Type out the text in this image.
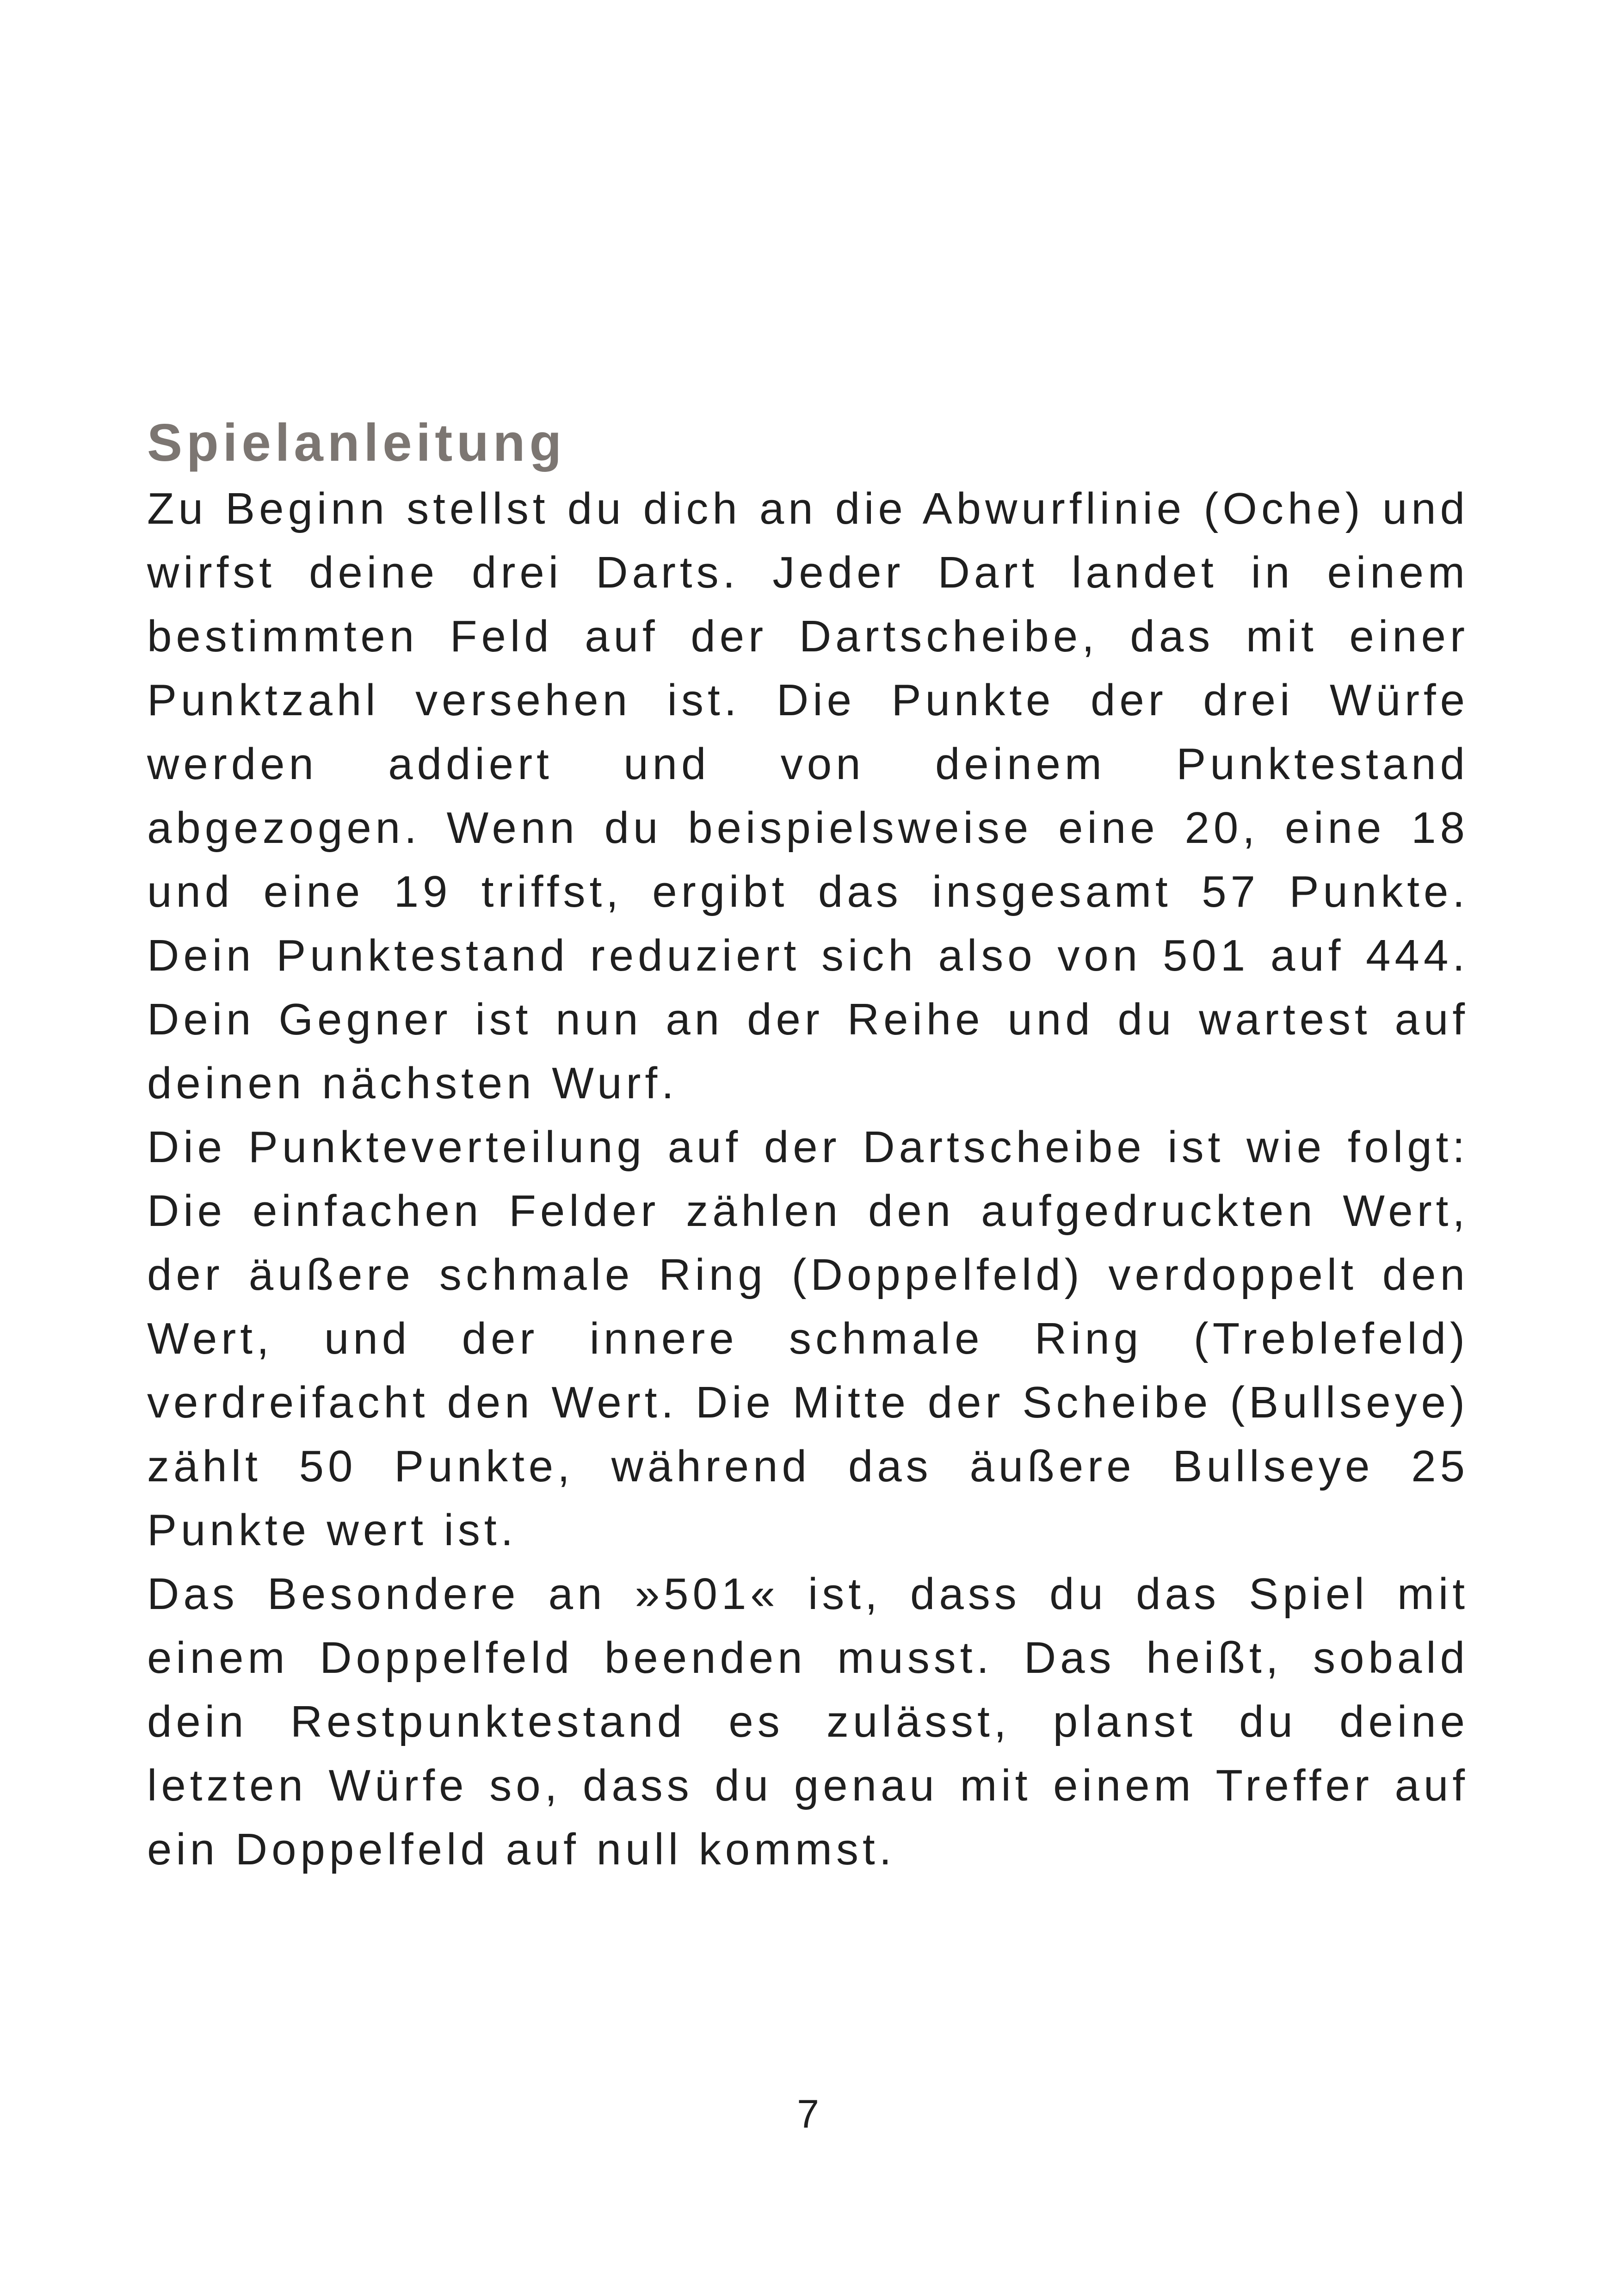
Spielanleitung

Zu Beginn stellst du dich an die Abwurflinie (Oche) und wirfst deine drei Darts. Jeder Dart landet in einem bestimmten Feld auf der Dartscheibe, das mit einer Punktzahl versehen ist. Die Punkte der drei Würfe werden addiert und von deinem Punktestand abgezogen. Wenn du beispielsweise eine 20, eine 18 und eine 19 triffst, ergibt das insgesamt 57 Punkte. Dein Punktestand reduziert sich also von 501 auf 444. Dein Gegner ist nun an der Reihe und du wartest auf deinen nächsten Wurf.

Die Punkteverteilung auf der Dartscheibe ist wie folgt: Die einfachen Felder zählen den aufgedruckten Wert, der äußere schmale Ring (Doppelfeld) verdoppelt den Wert, und der innere schmale Ring (Treblefeld) verdreifacht den Wert. Die Mitte der Scheibe (Bullseye) zählt 50 Punkte, während das äußere Bullseye 25 Punkte wert ist.

Das Besondere an »501« ist, dass du das Spiel mit einem Doppelfeld beenden musst. Das heißt, sobald dein Restpunktestand es zulässt, planst du deine letzten Würfe so, dass du genau mit einem Treffer auf ein Doppelfeld auf null kommst.

7
